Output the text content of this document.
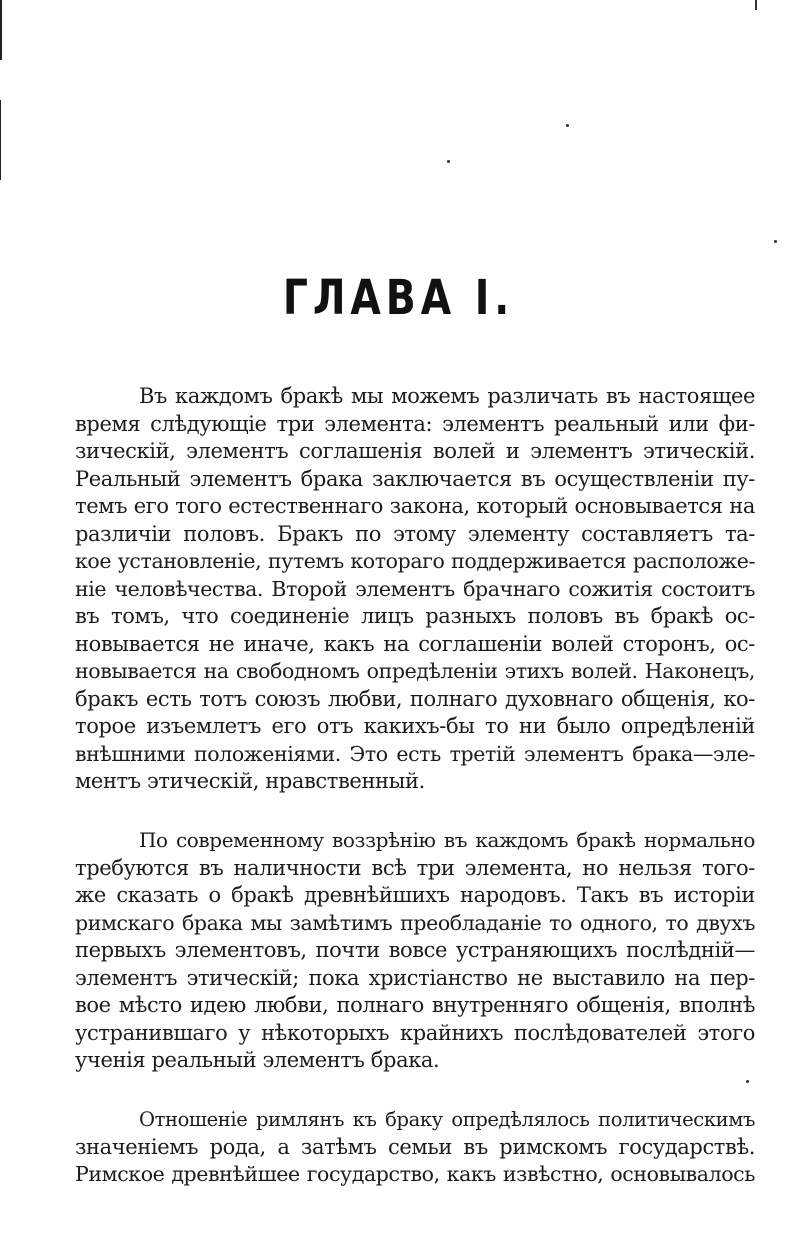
ГЛАВА I.
Въ каждомъ бракѣ мы можемъ различать въ настоящее
время слѣдующіе три элемента: элементъ реальный или фи-
зическій, элементъ соглашенія волей и элементъ этическій.
Реальный элементъ брака заключается въ осуществленіи пу-
темъ его того естественнаго закона, который основывается на
различіи половъ. Бракъ по этому элементу составляетъ та-
кое установленіе, путемъ котораго поддерживается расположе-
ніе человѣчества. Второй элементъ брачнаго сожитія состоитъ
въ томъ, что соединеніе лицъ разныхъ половъ въ бракѣ ос-
новывается не иначе, какъ на соглашеніи волей сторонъ, ос-
новывается на свободномъ опредѣленіи этихъ волей. Наконецъ,
бракъ есть тотъ союзъ любви, полнаго духовнаго общенія, ко-
торое изъемлетъ его отъ какихъ-бы то ни было опредѣленій
внѣшними положеніями. Это есть третій элементъ брака—эле-
ментъ этическій, нравственный.
По современному воззрѣнію въ каждомъ бракѣ нормально
требуются въ наличности всѣ три элемента, но нельзя того-
же сказать о бракѣ древнѣйшихъ народовъ. Такъ въ исторіи
римскаго брака мы замѣтимъ преобладаніе то одного, то двухъ
первыхъ элементовъ, почти вовсе устраняющихъ послѣдній—
элементъ этическій; пока христіанство не выставило на пер-
вое мѣсто идею любви, полнаго внутренняго общенія, вполнѣ
устранившаго у нѣкоторыхъ крайнихъ послѣдователей этого
ученія реальный элементъ брака.
Отношеніе римлянъ къ браку опредѣлялось политическимъ
значеніемъ рода, а затѣмъ семьи въ римскомъ государствѣ.
Римское древнѣйшее государство, какъ извѣстно, основывалось
